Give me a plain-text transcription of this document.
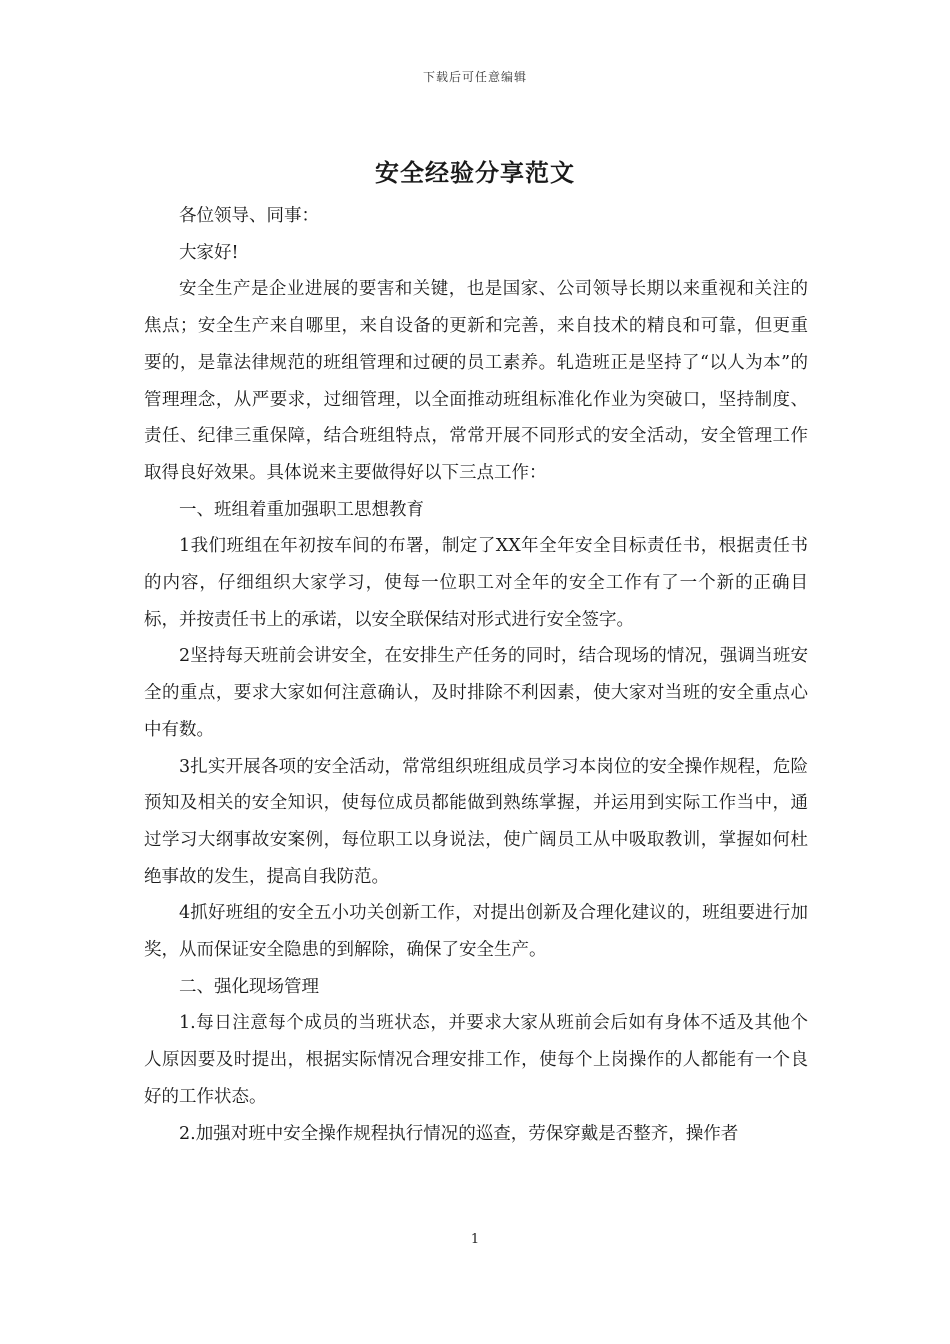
下载后可任意编辑
安全经验分享范文

各位领导、同事：

大家好!

安全生产是企业进展的要害和关键，也是国家、公司领导长期以来重视和关注的焦点；安全生产来自哪里，来自设备的更新和完善，来自技术的精良和可靠，但更重要的，是靠法律规范的班组管理和过硬的员工素养。轧造班正是坚持了“以人为本”的管理理念，从严要求，过细管理，以全面推动班组标准化作业为突破口，坚持制度、责任、纪律三重保障，结合班组特点，常常开展不同形式的安全活动，安全管理工作取得良好效果。具体说来主要做得好以下三点工作：

一、班组着重加强职工思想教育

1我们班组在年初按车间的布署，制定了XX年全年安全目标责任书，根据责任书的内容，仔细组织大家学习，使每一位职工对全年的安全工作有了一个新的正确目标，并按责任书上的承诺，以安全联保结对形式进行安全签字。

2坚持每天班前会讲安全，在安排生产任务的同时，结合现场的情况，强调当班安全的重点，要求大家如何注意确认，及时排除不利因素，使大家对当班的安全重点心中有数。

3扎实开展各项的安全活动，常常组织班组成员学习本岗位的安全操作规程，危险预知及相关的安全知识，使每位成员都能做到熟练掌握，并运用到实际工作当中，通过学习大纲事故安案例，每位职工以身说法，使广阔员工从中吸取教训，掌握如何杜绝事故的发生，提高自我防范。

4抓好班组的安全五小功关创新工作，对提出创新及合理化建议的，班组要进行加奖，从而保证安全隐患的到解除，确保了安全生产。

二、强化现场管理

1.每日注意每个成员的当班状态，并要求大家从班前会后如有身体不适及其他个人原因要及时提出，根据实际情况合理安排工作，使每个上岗操作的人都能有一个良好的工作状态。

2.加强对班中安全操作规程执行情况的巡查，劳保穿戴是否整齐，操作者

1
